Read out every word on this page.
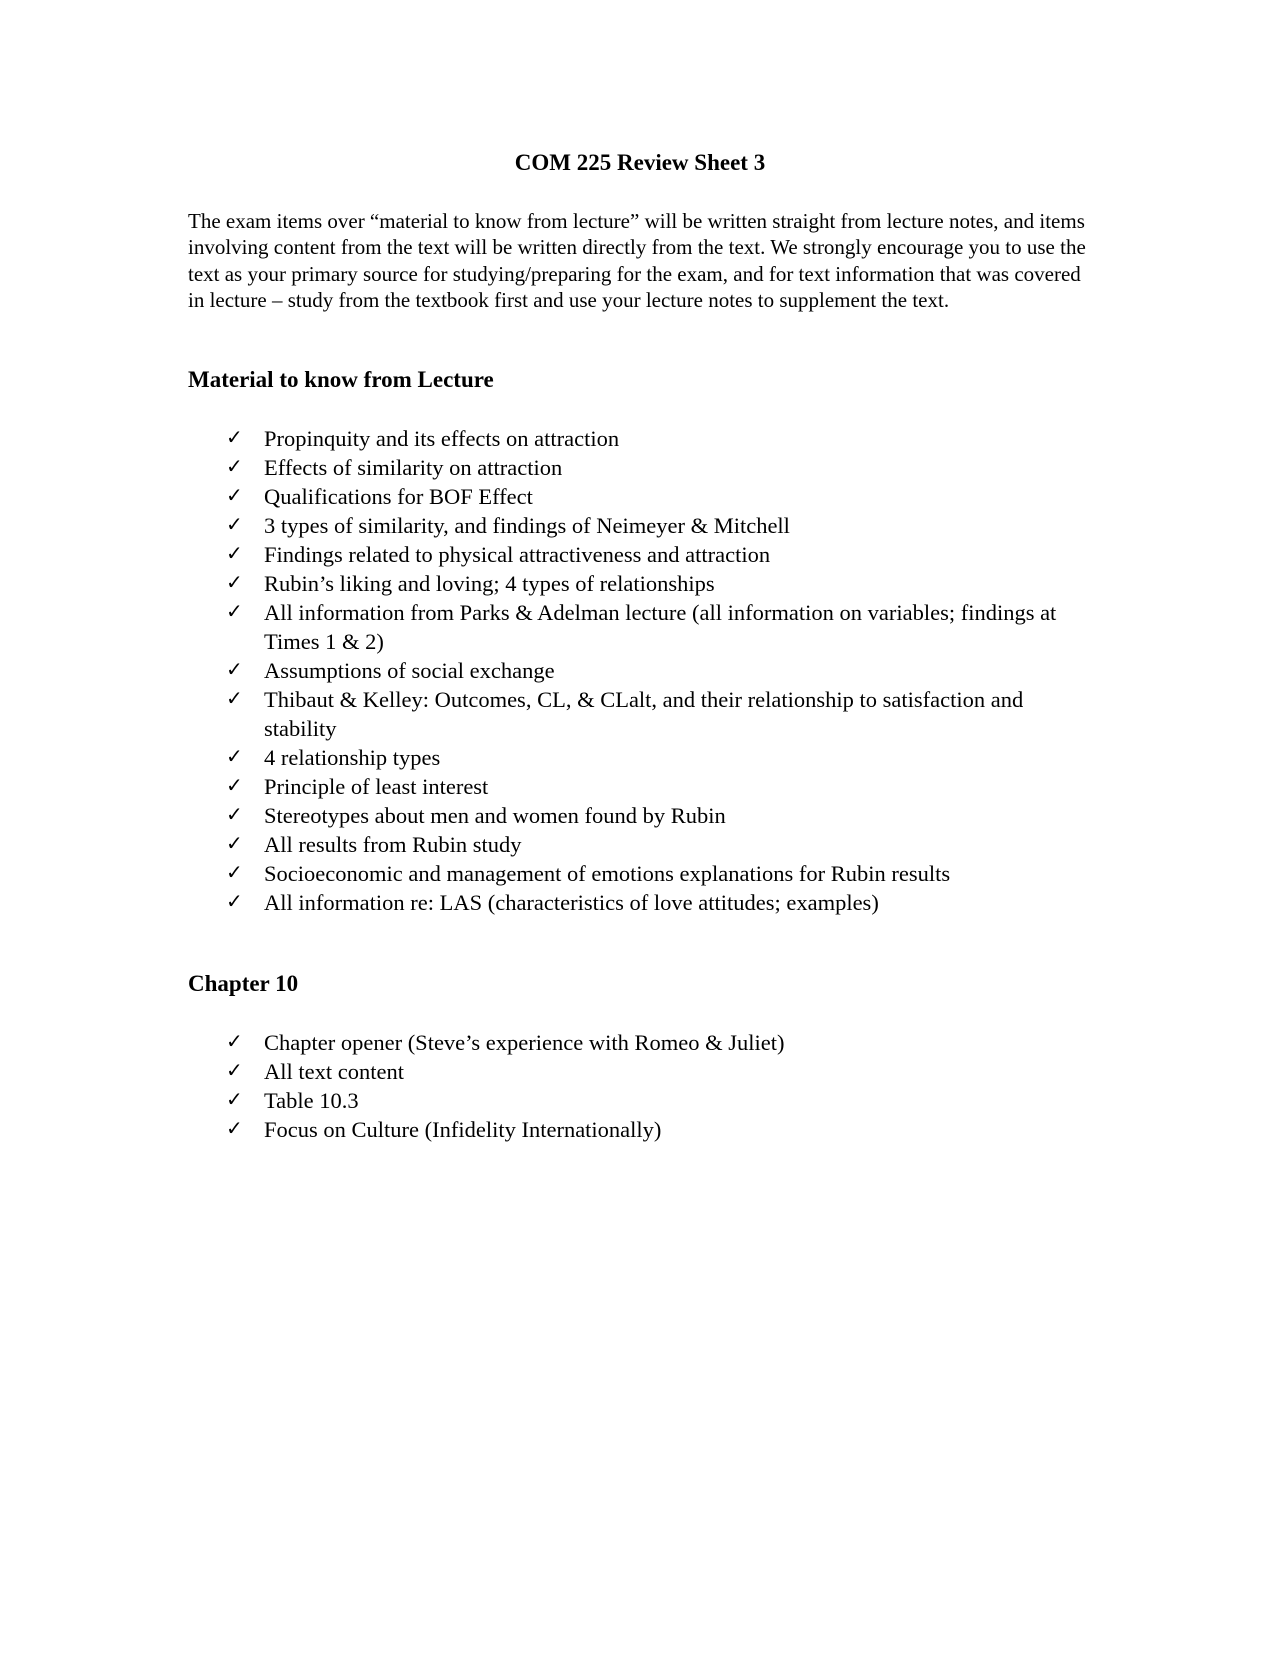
COM 225 Review Sheet 3

The exam items over “material to know from lecture” will be written straight from lecture notes, and items involving content from the text will be written directly from the text. We strongly encourage you to use the text as your primary source for studying/preparing for the exam, and for text information that was covered in lecture – study from the textbook first and use your lecture notes to supplement the text.

Material to know from Lecture
✓ Propinquity and its effects on attraction
✓ Effects of similarity on attraction
✓ Qualifications for BOF Effect
✓ 3 types of similarity, and findings of Neimeyer & Mitchell
✓ Findings related to physical attractiveness and attraction
✓ Rubin’s liking and loving; 4 types of relationships
✓ All information from Parks & Adelman lecture (all information on variables; findings at Times 1 & 2)
✓ Assumptions of social exchange
✓ Thibaut & Kelley: Outcomes, CL, & CLalt, and their relationship to satisfaction and stability
✓ 4 relationship types
✓ Principle of least interest
✓ Stereotypes about men and women found by Rubin
✓ All results from Rubin study
✓ Socioeconomic and management of emotions explanations for Rubin results
✓ All information re: LAS (characteristics of love attitudes; examples)
Chapter 10
✓ Chapter opener (Steve’s experience with Romeo & Juliet)
✓ All text content
✓ Table 10.3
✓ Focus on Culture (Infidelity Internationally)
